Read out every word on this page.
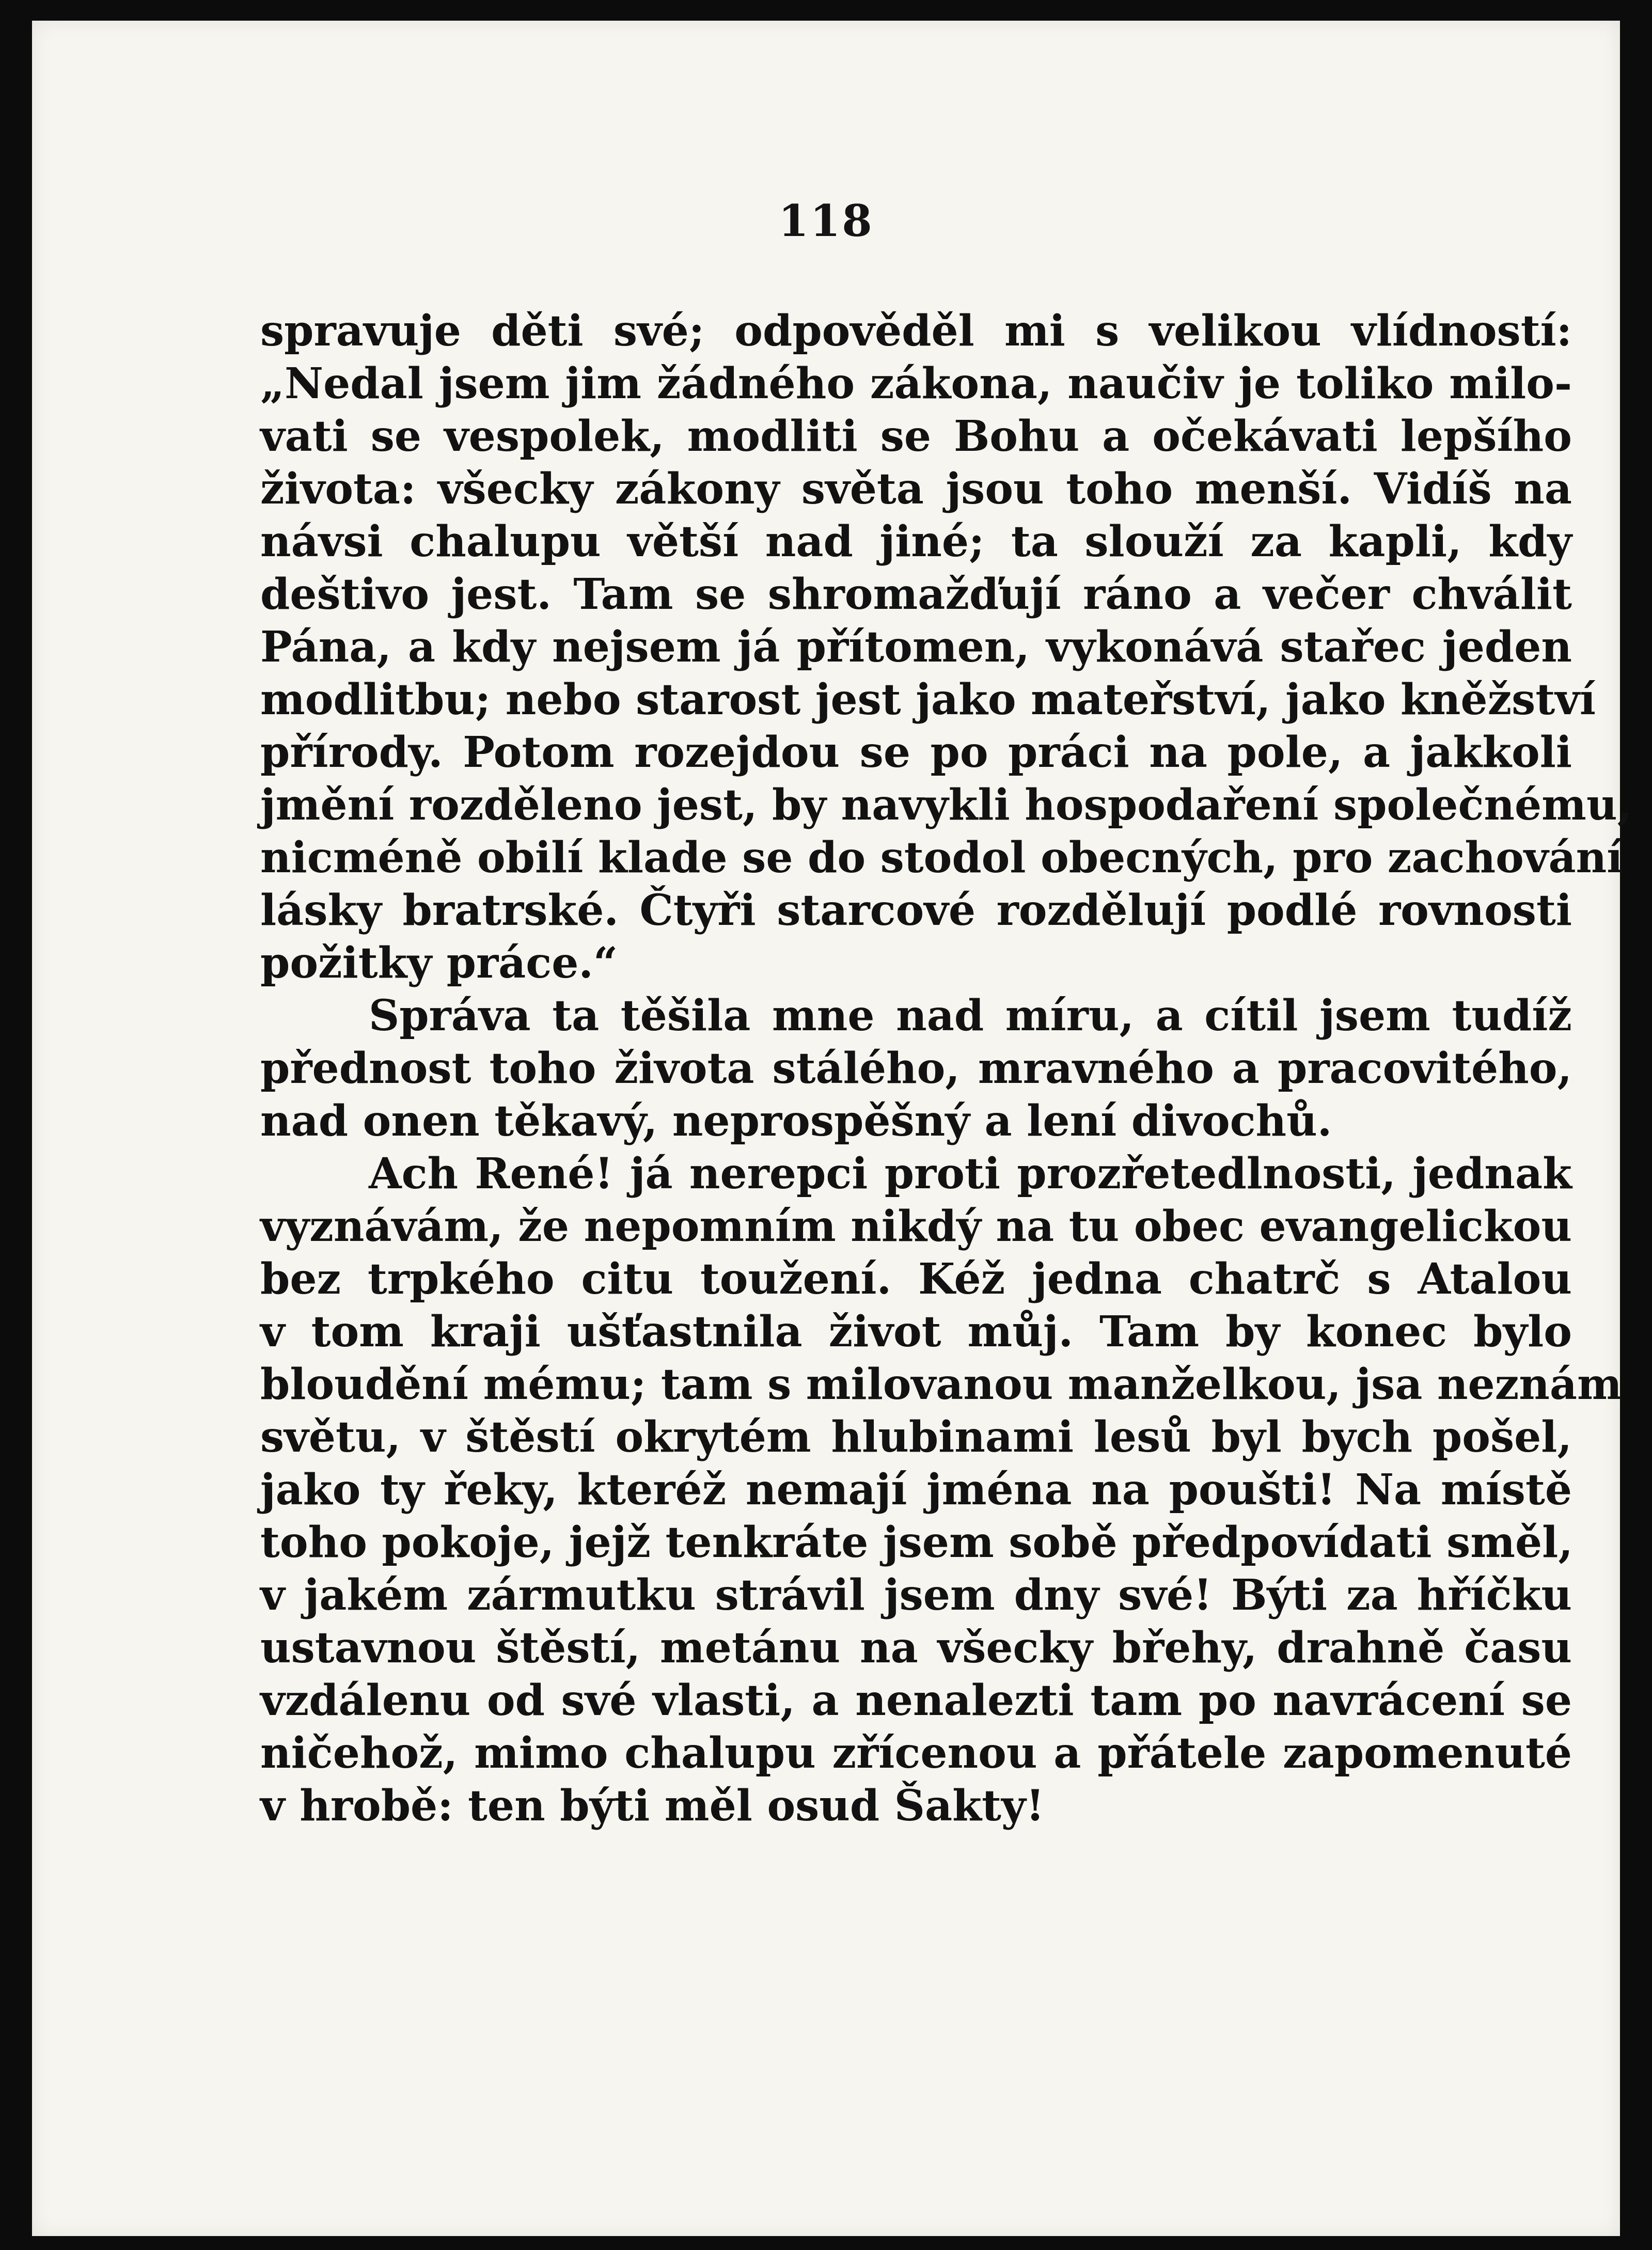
118
spravuje děti své; odpověděl mi s velikou vlídností:
„Nedal jsem jim žádného zákona, naučiv je toliko milo-
vati se vespolek, modliti se Bohu a očekávati lepšího
života: všecky zákony světa jsou toho menší. Vidíš na
návsi chalupu větší nad jiné; ta slouží za kapli, kdy
deštivo jest. Tam se shromažďují ráno a večer chválit
Pána, a kdy nejsem já přítomen, vykonává stařec jeden
modlitbu; nebo starost jest jako mateřství, jako kněžství
přírody. Potom rozejdou se po práci na pole, a jakkoli
jmění rozděleno jest, by navykli hospodaření společnému,
nicméně obilí klade se do stodol obecných, pro zachování
lásky bratrské. Čtyři starcové rozdělují podlé rovnosti
požitky práce.“
Správa ta těšila mne nad míru, a cítil jsem tudíž
přednost toho života stálého, mravného a pracovitého,
nad onen těkavý, neprospěšný a lení divochů.
Ach René! já nerepci proti prozřetedlnosti, jednak
vyznávám, že nepomním nikdý na tu obec evangelickou
bez trpkého citu toužení. Kéž jedna chatrč s Atalou
v tom kraji ušťastnila život můj. Tam by konec bylo
bloudění mému; tam s milovanou manželkou, jsa neznám
světu, v štěstí okrytém hlubinami lesů byl bych pošel,
jako ty řeky, kteréž nemají jména na poušti! Na místě
toho pokoje, jejž tenkráte jsem sobě předpovídati směl,
v jakém zármutku strávil jsem dny své! Býti za hříčku
ustavnou štěstí, metánu na všecky břehy, drahně času
vzdálenu od své vlasti, a nenalezti tam po navrácení se
ničehož, mimo chalupu zřícenou a přátele zapomenuté
v hrobě: ten býti měl osud Šakty!
